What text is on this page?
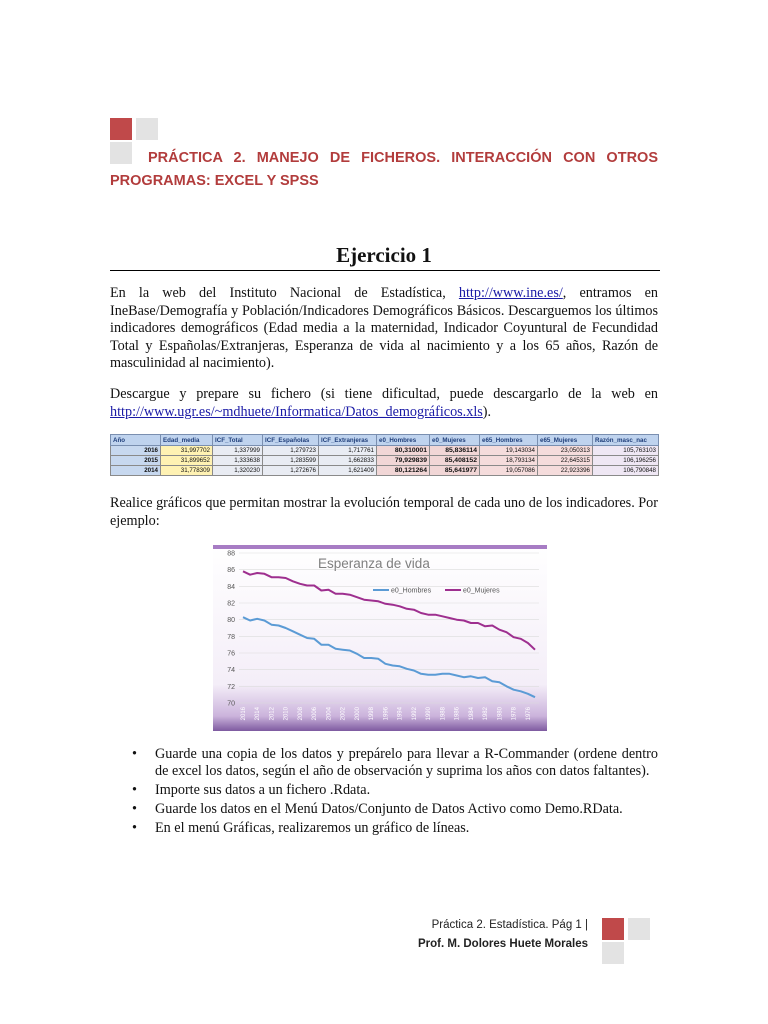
PRÁCTICA 2. MANEJO DE FICHEROS. INTERACCIÓN CON OTROS
PROGRAMAS: EXCEL Y SPSS
Ejercicio 1
En la web del Instituto Nacional de Estadística, http://www.ine.es/, entramos en IneBase/Demografía y Población/Indicadores Demográficos Básicos. Descarguemos los últimos indicadores demográficos (Edad media a la maternidad, Indicador Coyuntural de Fecundidad Total y Españolas/Extranjeras, Esperanza de vida al nacimiento y a los 65 años, Razón de masculinidad al nacimiento).
Descargue y prepare su fichero (si tiene dificultad, puede descargarlo de la web en http://www.ugr.es/~mdhuete/Informatica/Datos_demográficos.xls).
Año	Edad_media	ICF_Total	ICF_Españolas	ICF_Extranjeras	e0_Hombres	e0_Mujeres	e65_Hombres	e65_Mujeres	Razón_masc_nac
2016	31,997702	1,337999	1,279723	1,717761	80,310001	85,836114	19,143034	23,050313	105,763103
2015	31,899652	1,333638	1,283599	1,662833	79,929839	85,408152	18,793134	22,645315	106,196256
2014	31,778309	1,320230	1,272676	1,621409	80,121264	85,641977	19,057086	22,923396	106,790848
Realice gráficos que permitan mostrar la evolución temporal de cada uno de los indicadores. Por ejemplo:
70
72
74
76
78
80
82
84
86
88
2016 2014 2012 2010 2008 2006 2004 2002 2000 1998 1996 1994 1992 1990 1988 1986 1984 1982 1980 1978 1976
Esperanza de vida
e0_Hombres	e0_Mujeres
• Guarde una copia de los datos y prepárelo para llevar a R-Commander (ordene dentro de excel los datos, según el año de observación y suprima los años con datos faltantes).
• Importe sus datos a un fichero .Rdata.
• Guarde los datos en el Menú Datos/Conjunto de Datos Activo como Demo.RData.
• En el menú Gráficas, realizaremos un gráfico de líneas.
Práctica 2. Estadística. Pág 1 |
Prof. M. Dolores Huete Morales
